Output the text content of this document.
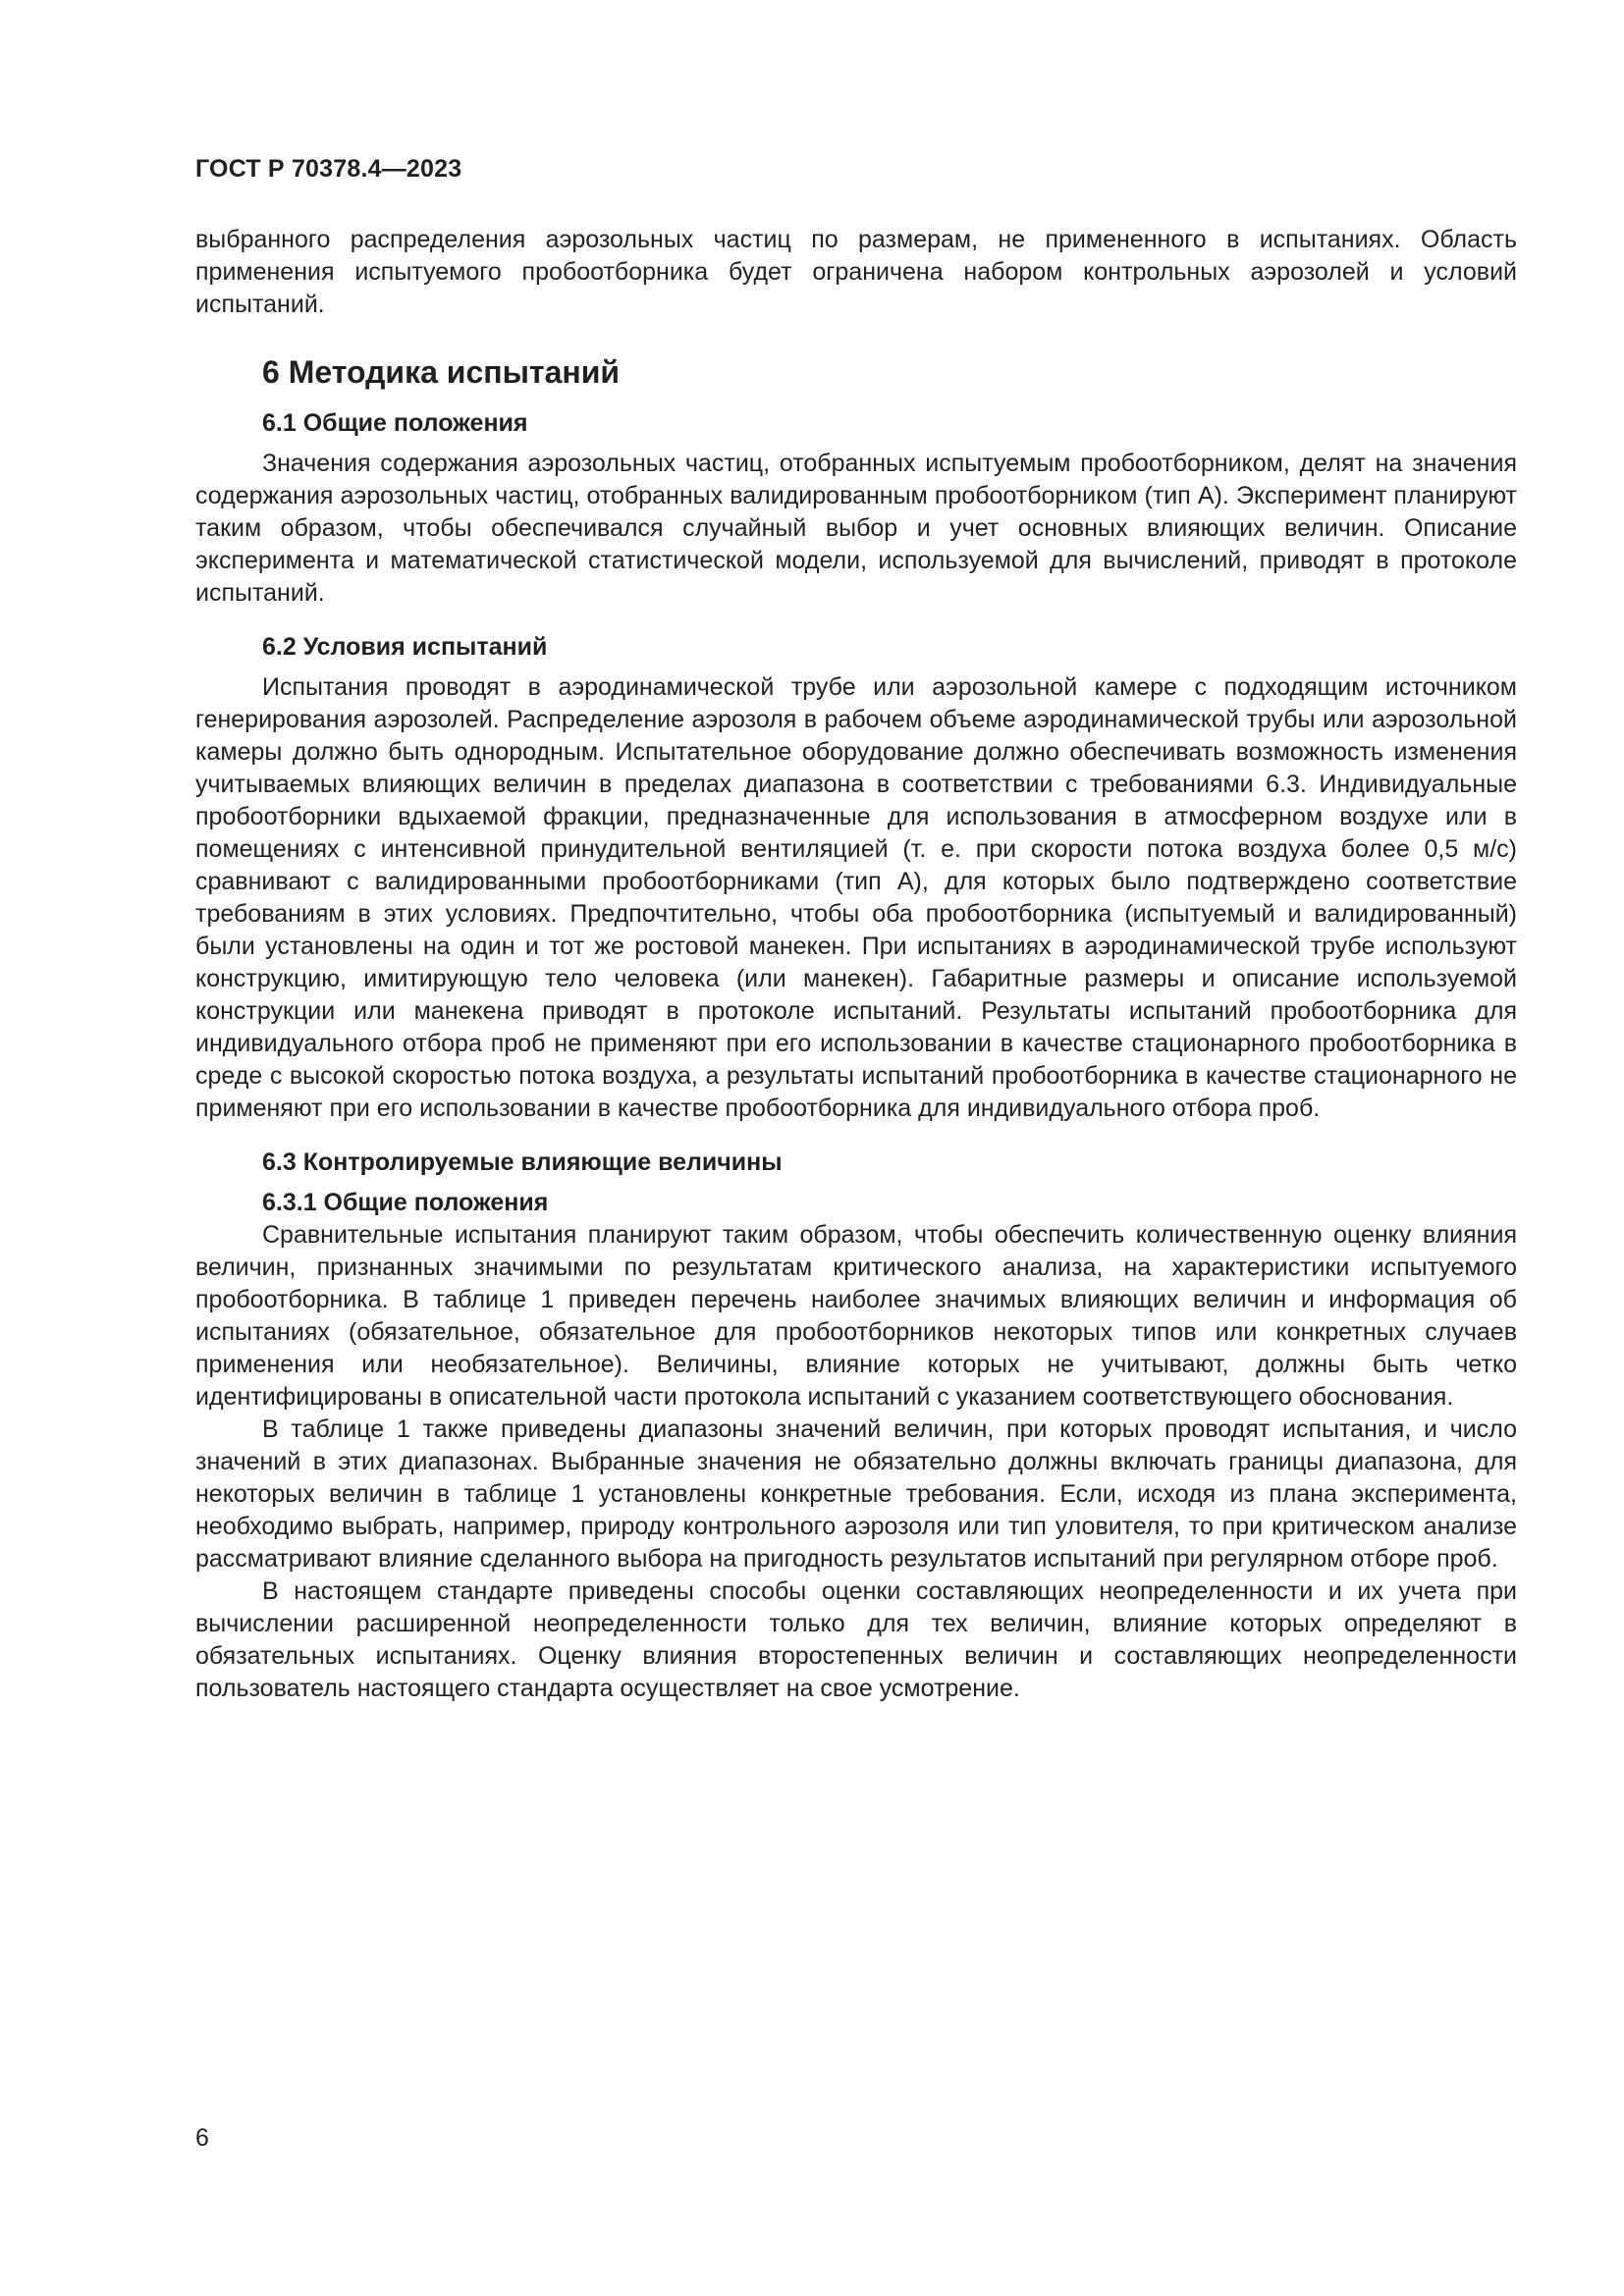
ГОСТ Р 70378.4—2023

выбранного распределения аэрозольных частиц по размерам, не примененного в испытаниях. Область применения испытуемого пробоотборника будет ограничена набором контрольных аэрозолей и условий испытаний.

6 Методика испытаний
6.1 Общие положения

Значения содержания аэрозольных частиц, отобранных испытуемым пробоотборником, делят на значения содержания аэрозольных частиц, отобранных валидированным пробоотборником (тип А). Эксперимент планируют таким образом, чтобы обеспечивался случайный выбор и учет основных влияющих величин. Описание эксперимента и математической статистической модели, используемой для вычислений, приводят в протоколе испытаний.

6.2 Условия испытаний

Испытания проводят в аэродинамической трубе или аэрозольной камере с подходящим источником генерирования аэрозолей. Распределение аэрозоля в рабочем объеме аэродинамической трубы или аэрозольной камеры должно быть однородным. Испытательное оборудование должно обеспечивать возможность изменения учитываемых влияющих величин в пределах диапазона в соответствии с требованиями 6.3. Индивидуальные пробоотборники вдыхаемой фракции, предназначенные для использования в атмосферном воздухе или в помещениях с интенсивной принудительной вентиляцией (т. е. при скорости потока воздуха более 0,5 м/с) сравнивают с валидированными пробоотборниками (тип А), для которых было подтверждено соответствие требованиям в этих условиях. Предпочтительно, чтобы оба пробоотборника (испытуемый и валидированный) были установлены на один и тот же ростовой манекен. При испытаниях в аэродинамической трубе используют конструкцию, имитирующую тело человека (или манекен). Габаритные размеры и описание используемой конструкции или манекена приводят в протоколе испытаний. Результаты испытаний пробоотборника для индивидуального отбора проб не применяют при его использовании в качестве стационарного пробоотборника в среде с высокой скоростью потока воздуха, а результаты испытаний пробоотборника в качестве стационарного не применяют при его использовании в качестве пробоотборника для индивидуального отбора проб.

6.3 Контролируемые влияющие величины
6.3.1 Общие положения

Сравнительные испытания планируют таким образом, чтобы обеспечить количественную оценку влияния величин, признанных значимыми по результатам критического анализа, на характеристики испытуемого пробоотборника. В таблице 1 приведен перечень наиболее значимых влияющих величин и информация об испытаниях (обязательное, обязательное для пробоотборников некоторых типов или конкретных случаев применения или необязательное). Величины, влияние которых не учитывают, должны быть четко идентифицированы в описательной части протокола испытаний с указанием соответствующего обоснования.

В таблице 1 также приведены диапазоны значений величин, при которых проводят испытания, и число значений в этих диапазонах. Выбранные значения не обязательно должны включать границы диапазона, для некоторых величин в таблице 1 установлены конкретные требования. Если, исходя из плана эксперимента, необходимо выбрать, например, природу контрольного аэрозоля или тип уловителя, то при критическом анализе рассматривают влияние сделанного выбора на пригодность результатов испытаний при регулярном отборе проб.

В настоящем стандарте приведены способы оценки составляющих неопределенности и их учета при вычислении расширенной неопределенности только для тех величин, влияние которых определяют в обязательных испытаниях. Оценку влияния второстепенных величин и составляющих неопределенности пользователь настоящего стандарта осуществляет на свое усмотрение.

6
